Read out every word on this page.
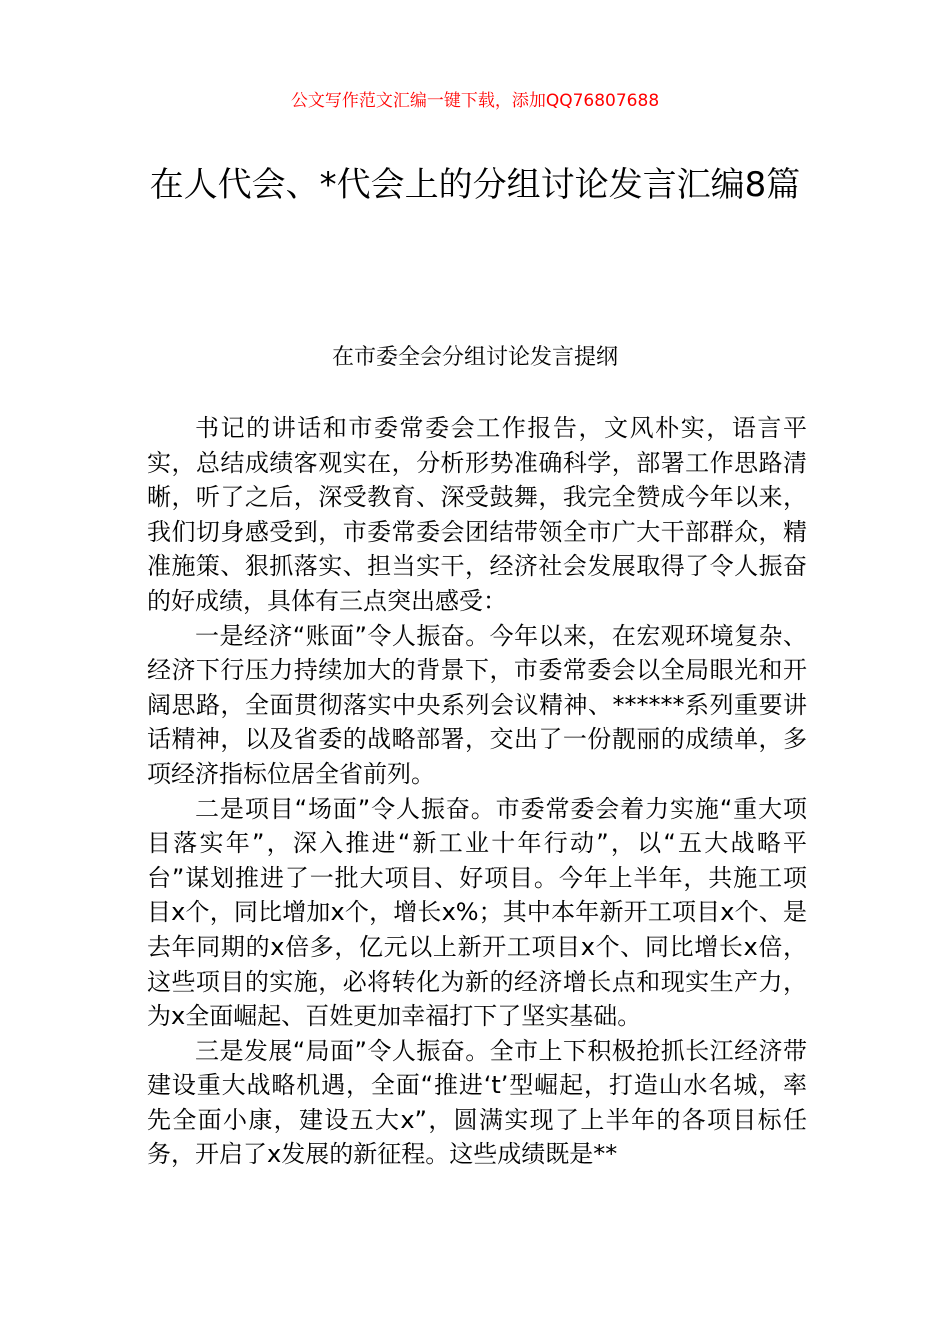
公文写作范文汇编一键下载，添加QQ76807688
在人代会、*代会上的分组讨论发言汇编8篇
在市委全会分组讨论发言提纲

书记的讲话和市委常委会工作报告，文风朴实，语言平实，总结成绩客观实在，分析形势准确科学，部署工作思路清晰，听了之后，深受教育、深受鼓舞，我完全赞成今年以来，我们切身感受到，市委常委会团结带领全市广大干部群众，精准施策、狠抓落实、担当实干，经济社会发展取得了令人振奋的好成绩，具体有三点突出感受：

一是经济“账面”令人振奋。今年以来，在宏观环境复杂、经济下行压力持续加大的背景下，市委常委会以全局眼光和开阔思路，全面贯彻落实中央系列会议精神、******系列重要讲话精神，以及省委的战略部署，交出了一份靓丽的成绩单，多项经济指标位居全省前列。

二是项目“场面”令人振奋。市委常委会着力实施“重大项目落实年”，深入推进“新工业十年行动”，以“五大战略平台”谋划推进了一批大项目、好项目。今年上半年，共施工项目x个，同比增加x个，增长x%；其中本年新开工项目x个、是去年同期的x倍多，亿元以上新开工项目x个、同比增长x倍，这些项目的实施，必将转化为新的经济增长点和现实生产力，为x全面崛起、百姓更加幸福打下了坚实基础。

三是发展“局面”令人振奋。全市上下积极抢抓长江经济带建设重大战略机遇，全面“推进‘t’型崛起，打造山水名城，率先全面小康，建设五大x”，圆满实现了上半年的各项目标任务，开启了x发展的新征程。这些成绩既是**
